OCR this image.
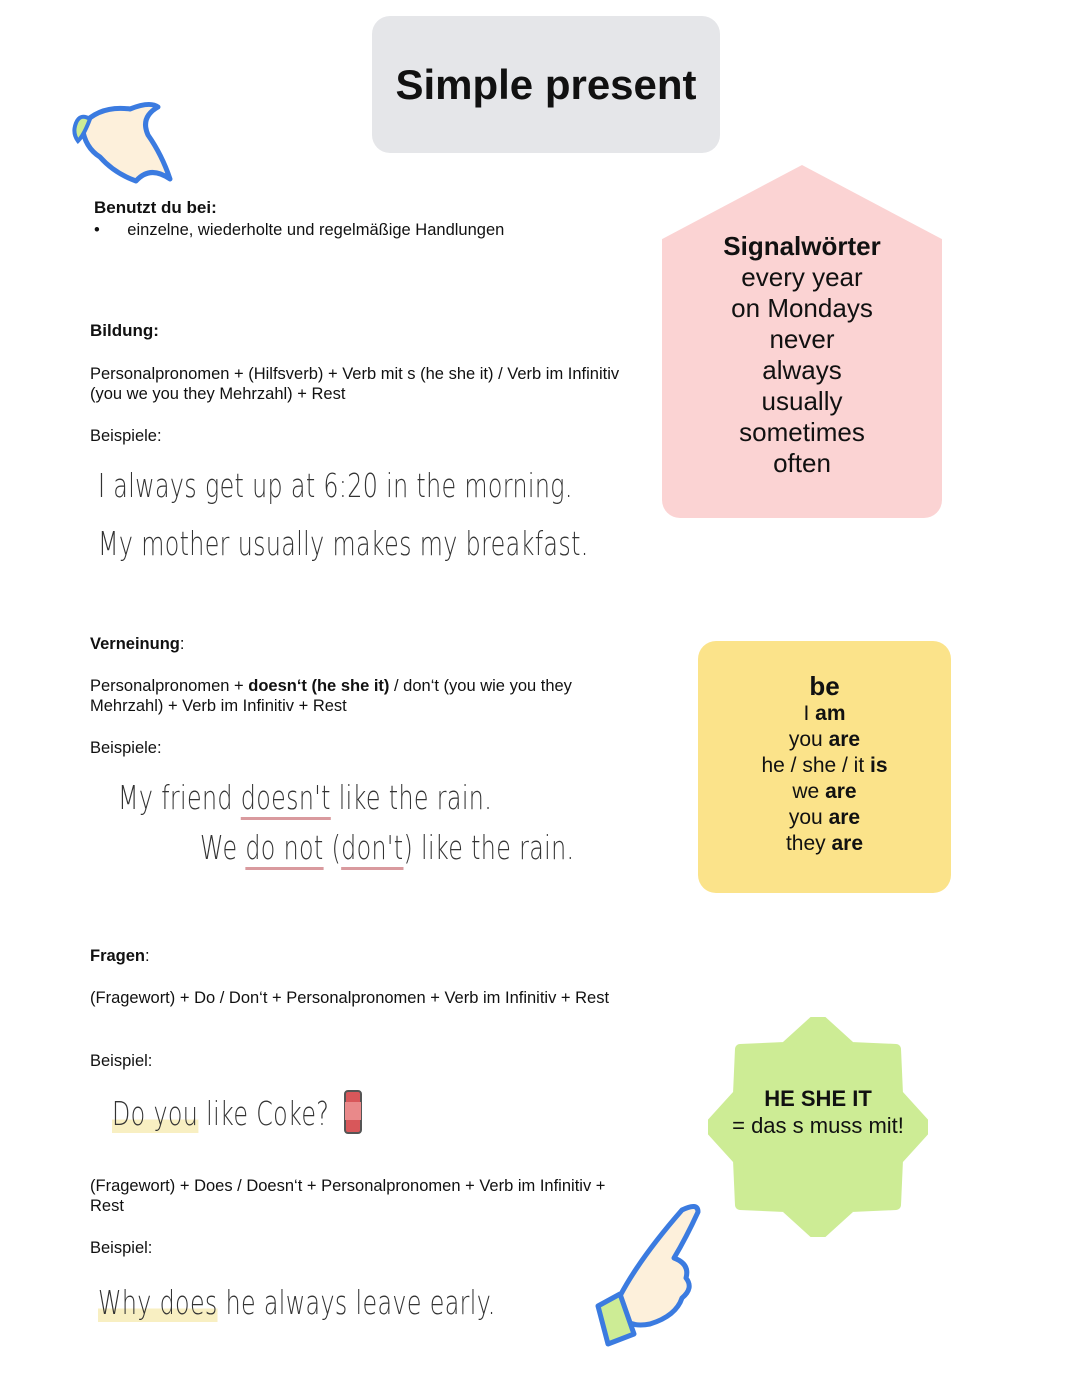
Simple present
Benutzt du bei:
•      einzelne, wiederholte und regelmäßige Handlungen
Bildung:
Personalpronomen + (Hilfsverb) + Verb mit s (he she it) / Verb im Infinitiv (you we you they Mehrzahl) + Rest
Beispiele:
I always get up at 6:20 in the morning.
My mother usually makes my breakfast.
Verneinung:
Personalpronomen + doesn‘t (he she it) / don‘t (you wie you they Mehrzahl) + Verb im Infinitiv + Rest
Beispiele:
My friend doesn't like the rain.
We do not (don't) like the rain.
Fragen:
(Fragewort) + Do / Don‘t + Personalpronomen + Verb im Infinitiv + Rest
Beispiel:
Do you like Coke?
(Fragewort) + Does / Doesn‘t + Personalpronomen + Verb im Infinitiv + Rest
Beispiel:
Why does he always leave early.
Signalwörter
every year
on Mondays
never
always
usually
sometimes
often
be
I am
you are
he / she / it is
we are
you are
they are
HE SHE IT
= das s muss mit!
